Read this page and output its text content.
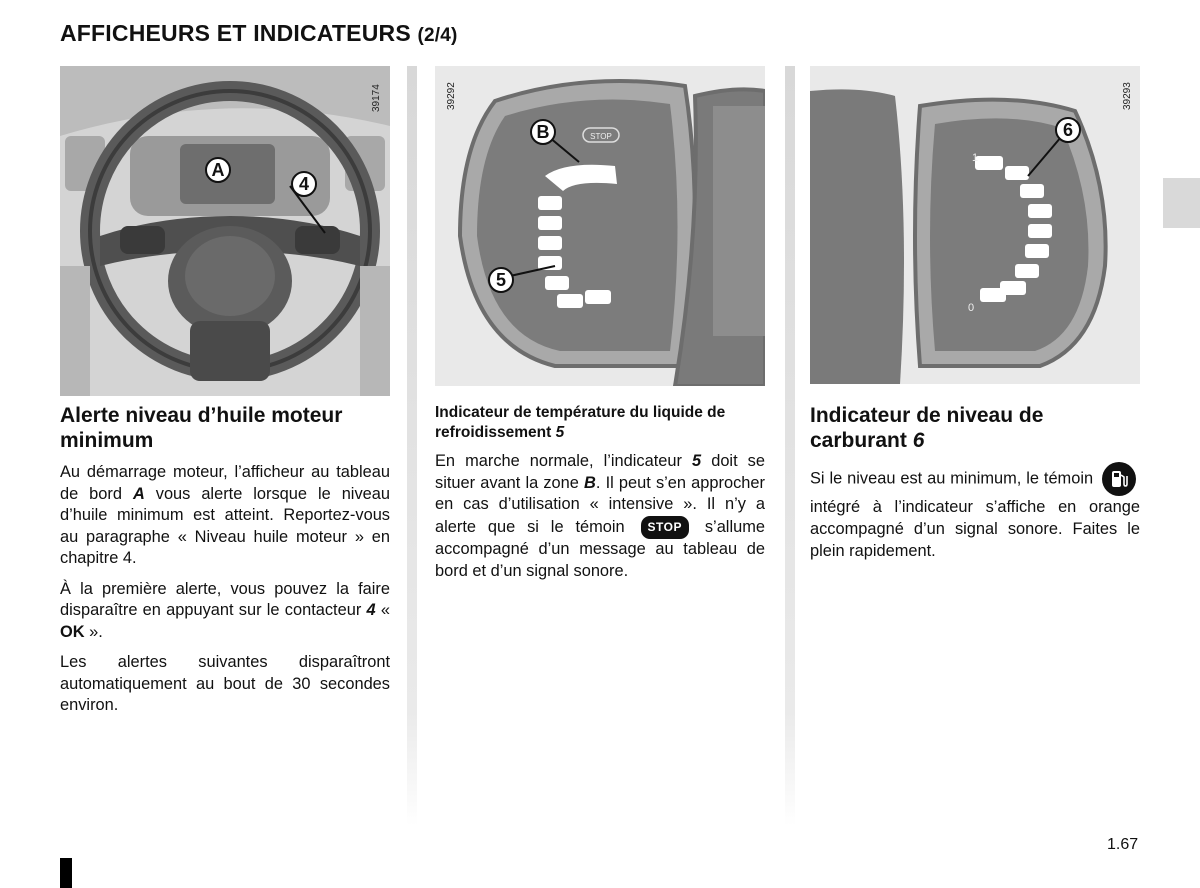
AFFICHEURS ET INDICATEURS (2/4)
A
4
39174
STOP
B
5
39292
1
0
6
39293
Alerte niveau d’huile moteur minimum

Au démarrage moteur, l’afficheur au tableau de bord A vous alerte lorsque le niveau d’huile minimum est atteint. Reportez-vous au paragraphe « Niveau huile moteur » en chapitre 4.

À la première alerte, vous pouvez la faire disparaître en appuyant sur le contacteur 4 « OK ».

Les alertes suivantes disparaîtront automatiquement au bout de 30 secondes environ.

Indicateur de température du liquide de refroidissement 5

En marche normale, l’indicateur 5 doit se situer avant la zone B. Il peut s’en approcher en cas d’utilisation « intensive ». Il n’y a alerte que si le témoin STOP s’allume accompagné d’un message au tableau de bord et d’un signal sonore.

Indicateur de niveau de carburant 6

Si le niveau est au minimum, le témoin
intégré à l’indicateur s’affiche en orange accompagné d’un signal sonore. Faites le plein rapidement.

1.67
